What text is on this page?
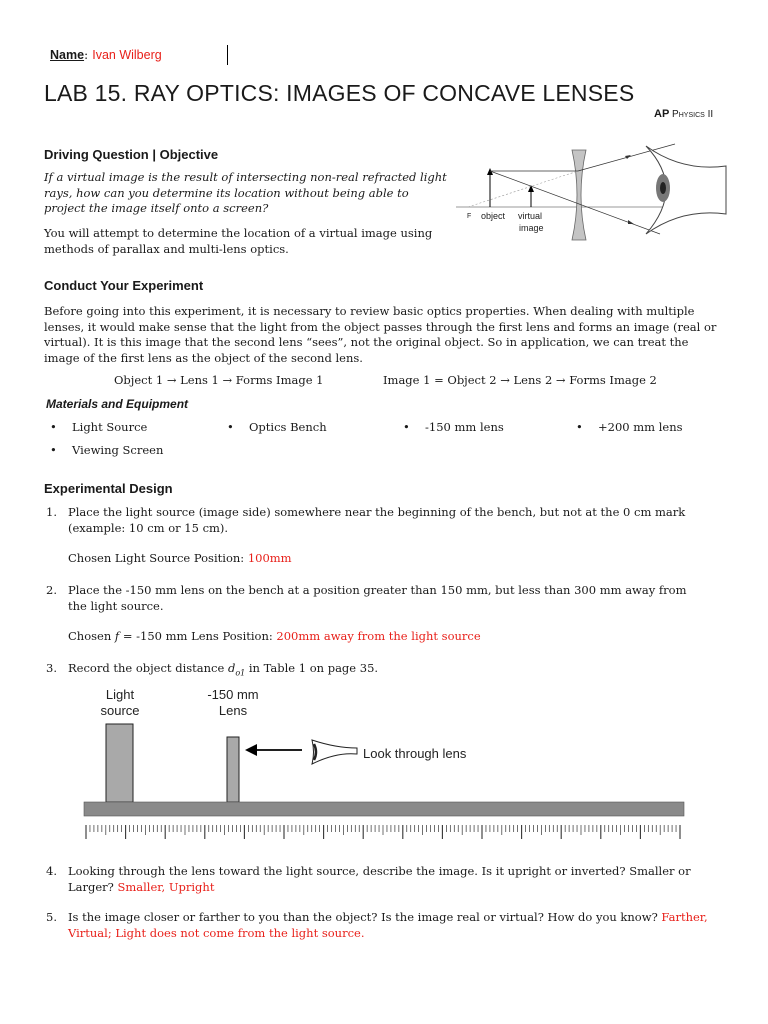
Name: Ivan Wilberg
LAB 15. RAY OPTICS: IMAGES OF CONCAVE LENSES
AP Physics II
Driving Question | Objective
If a virtual image is the result of intersecting non-real refracted light rays, how can you determine its location without being able to project the image itself onto a screen?
You will attempt to determine the location of a virtual image using methods of parallax and multi-lens optics.
F object virtual
image
Conduct Your Experiment
Before going into this experiment, it is necessary to review basic optics properties. When dealing with multiple lenses, it would make sense that the light from the object passes through the first lens and forms an image (real or virtual). It is this image that the second lens “sees”, not the original object. So in application, we can treat the image of the first lens as the object of the second lens.
Object 1 → Lens 1 → Forms Image 1	Image 1 = Object 2 → Lens 2 → Forms Image 2
Materials and Equipment
• Light Source	• Optics Bench	• -150 mm lens	• +200 mm lens
• Viewing Screen
Experimental Design
1. Place the light source (image side) somewhere near the beginning of the bench, but not at the 0 cm mark (example: 10 cm or 15 cm).
Chosen Light Source Position: 100mm
2. Place the -150 mm lens on the bench at a position greater than 150 mm, but less than 300 mm away from the light source.
Chosen f = -150 mm Lens Position: 200mm away from the light source
3. Record the object distance $d_{o1}$ in Table 1 on page 35.
Light
source
-150 mm
Lens
Look through lens
4. Looking through the lens toward the light source, describe the image. Is it upright or inverted? Smaller or Larger? Smaller, Upright
5. Is the image closer or farther to you than the object? Is the image real or virtual? How do you know? Farther, Virtual; Light does not come from the light source.
